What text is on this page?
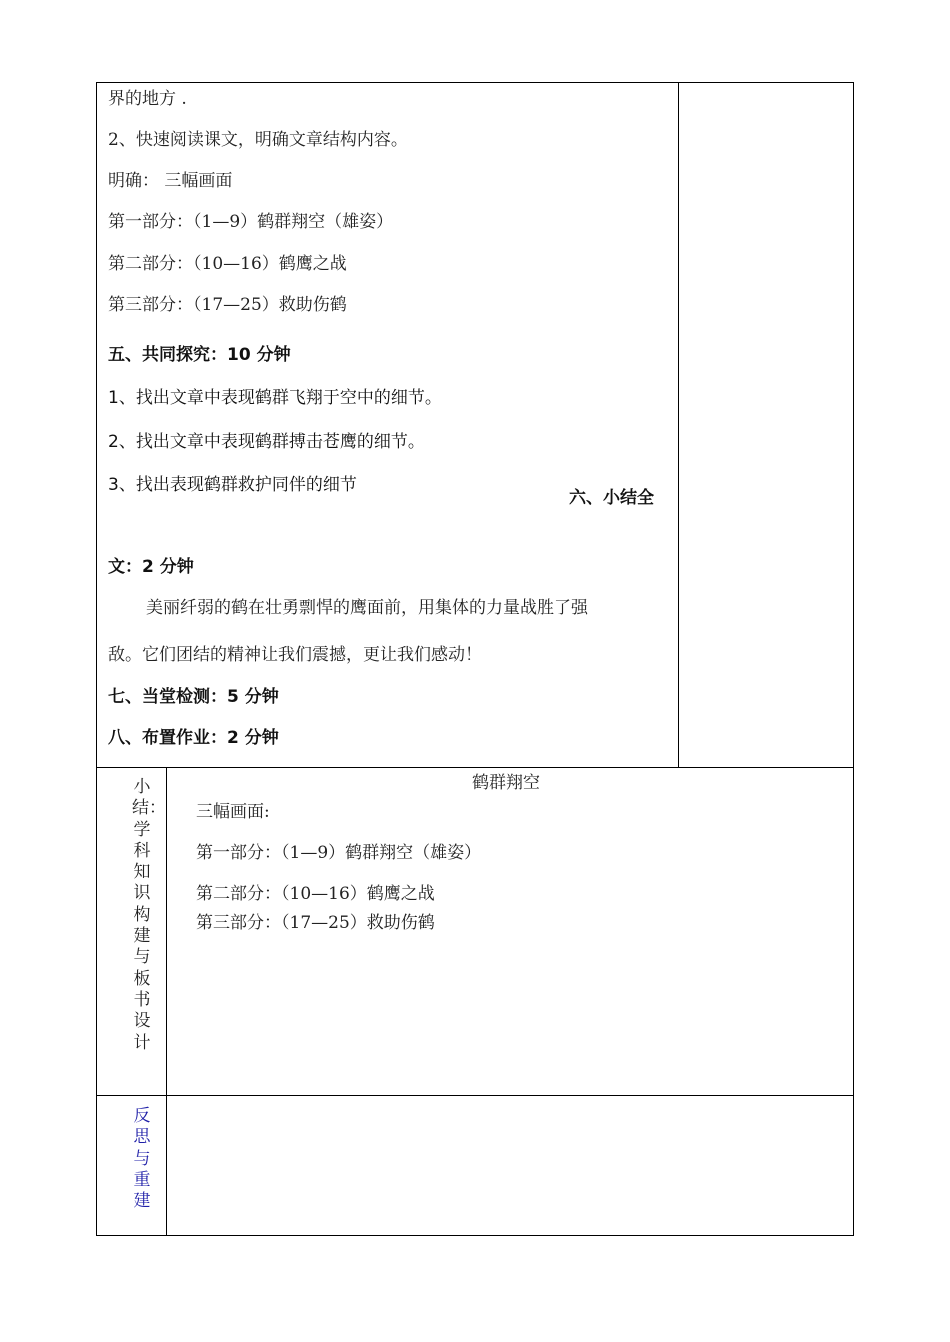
界的地方 .
2、快速阅读课文，明确文章结构内容。
明确： 三幅画面
第一部分：（1—9）鹤群翔空（雄姿）
第二部分：（10—16）鹤鹰之战
第三部分：（17—25）救助伤鹤
五、共同探究：10 分钟
1、找出文章中表现鹤群飞翔于空中的细节。
2、找出文章中表现鹤群搏击苍鹰的细节。
3、找出表现鹤群救护同伴的细节
六、小结全
文：2 分钟
美丽纤弱的鹤在壮勇剽悍的鹰面前，用集体的力量战胜了强
敌。它们团结的精神让我们震撼，更让我们感动！
七、当堂检测：5 分钟
八、布置作业：2 分钟
小结：学科知识构建与板书设计
鹤群翔空
三幅画面:
第一部分：（1—9）鹤群翔空（雄姿）
第二部分：（10—16）鹤鹰之战
第三部分：（17—25）救助伤鹤
反思与重建
